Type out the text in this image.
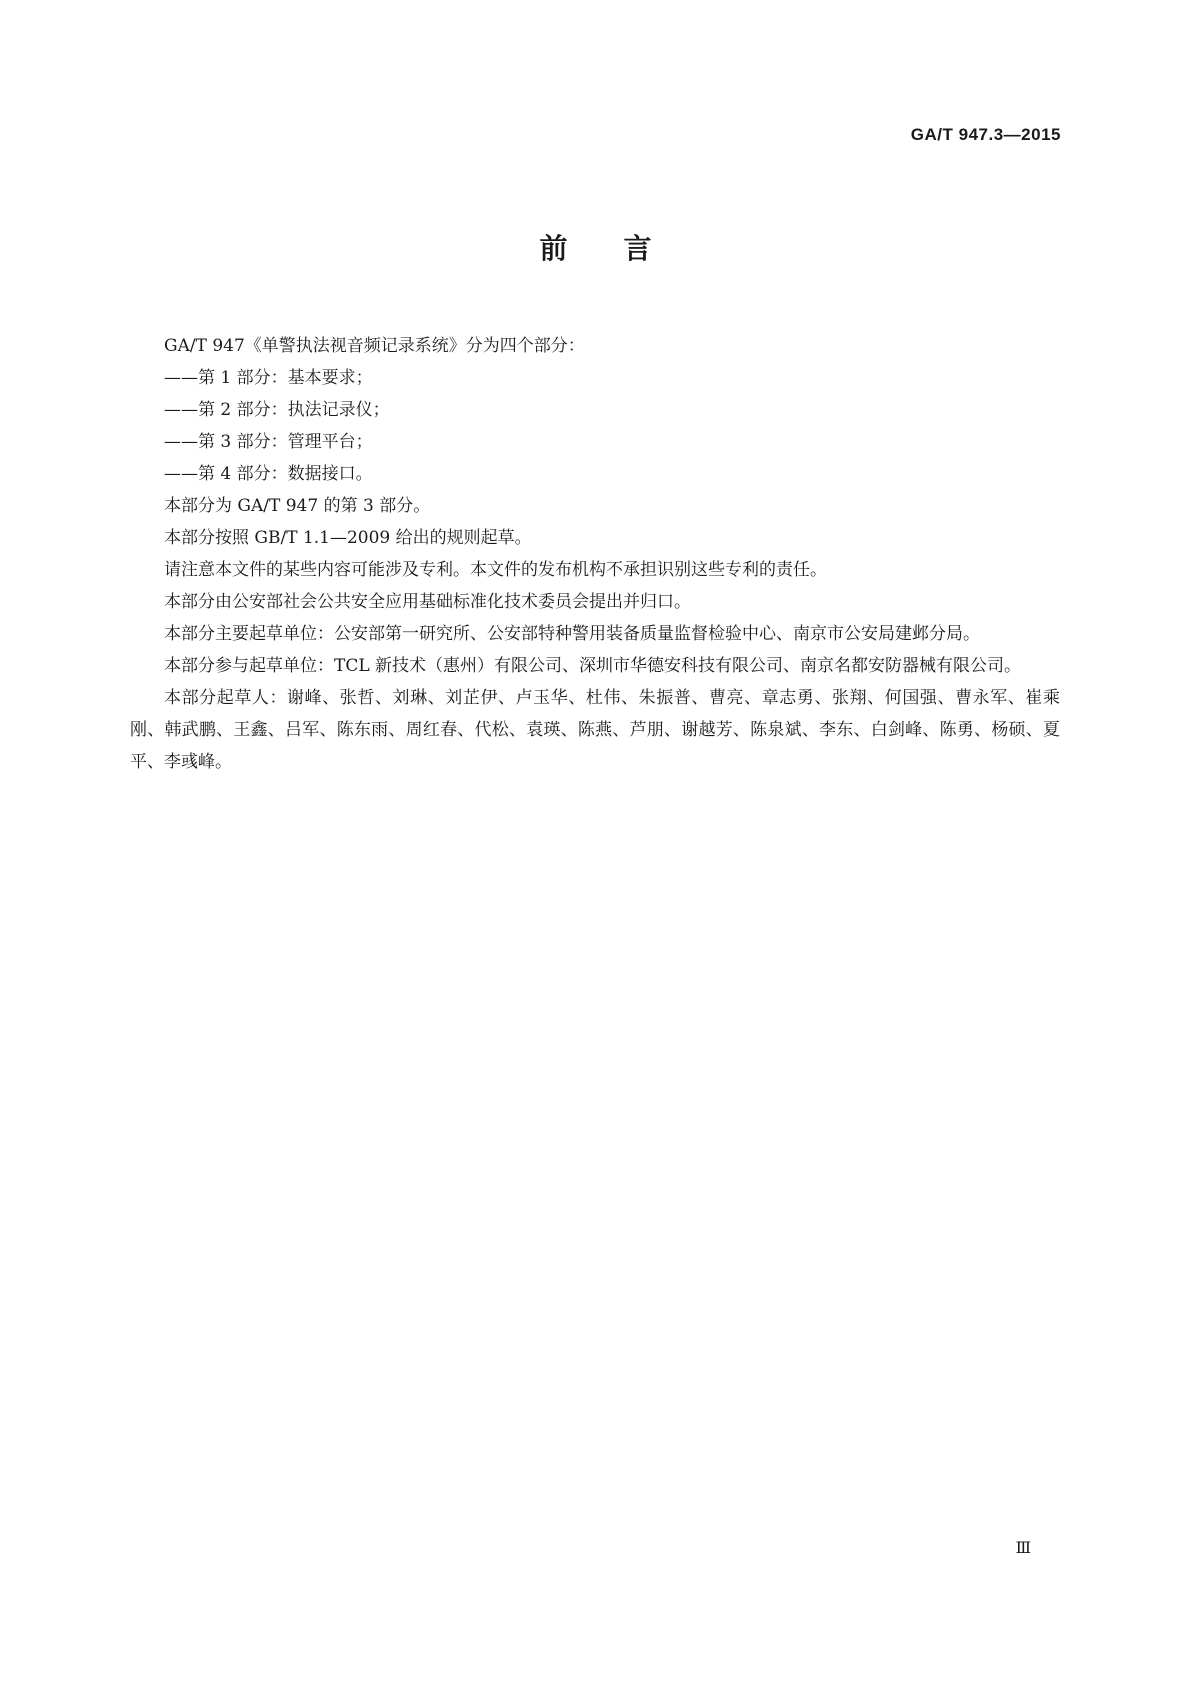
GA/T 947.3—2015
前言

GA/T 947《单警执法视音频记录系统》分为四个部分：

——第 1 部分：基本要求；

——第 2 部分：执法记录仪；

——第 3 部分：管理平台；

——第 4 部分：数据接口。

本部分为 GA/T 947 的第 3 部分。

本部分按照 GB/T 1.1—2009 给出的规则起草。

请注意本文件的某些内容可能涉及专利。本文件的发布机构不承担识别这些专利的责任。

本部分由公安部社会公共安全应用基础标准化技术委员会提出并归口。

本部分主要起草单位：公安部第一研究所、公安部特种警用装备质量监督检验中心、南京市公安局建邺分局。

本部分参与起草单位：TCL 新技术（惠州）有限公司、深圳市华德安科技有限公司、南京名都安防器械有限公司。

本部分起草人：谢峰、张哲、刘琳、刘芷伊、卢玉华、杜伟、朱振普、曹亮、章志勇、张翔、何国强、曹永军、崔乘刚、韩武鹏、王鑫、吕军、陈东雨、周红春、代松、袁瑛、陈燕、芦朋、谢越芳、陈泉斌、李东、白剑峰、陈勇、杨硕、夏平、李彧峰。

Ⅲ
